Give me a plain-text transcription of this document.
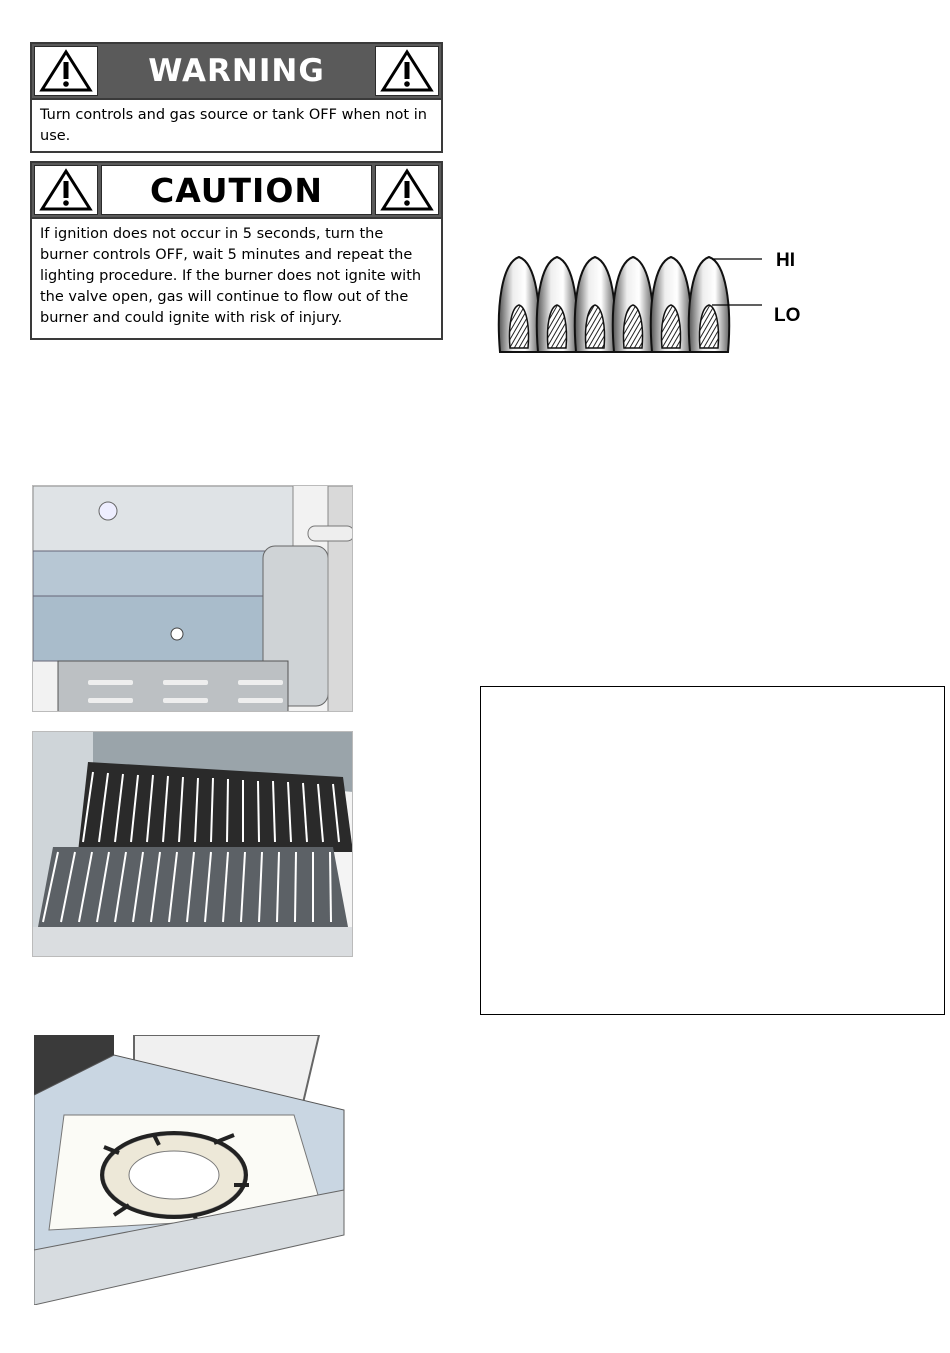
WARNING
Turn controls and gas source or tank OFF when not in use.
CAUTION
If ignition does not occur in 5 seconds, turn the burner controls OFF, wait 5 minutes and repeat the lighting procedure. If the burner does not ignite with the valve open, gas will continue to flow out of the burner and could ignite with risk of injury.
HI
LO
